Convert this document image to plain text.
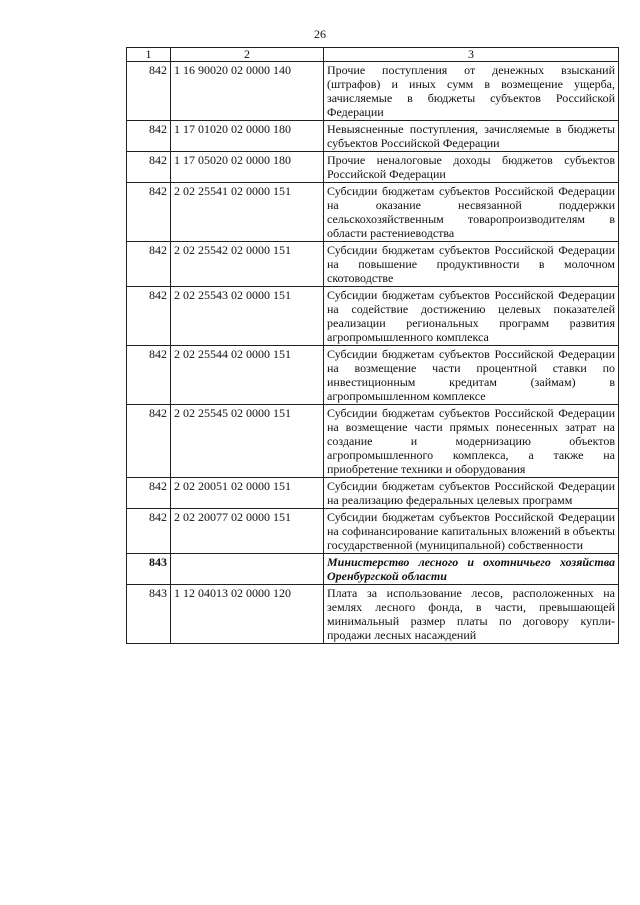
26
1	2	3
842	1 16 90020 02 0000 140	Прочие поступления от денежных взысканий (штрафов) и иных сумм в возмещение ущерба, зачисляемые в бюджеты субъектов Российской Федерации
842	1 17 01020 02 0000 180	Невыясненные поступления, зачисляемые в бюджеты субъектов Российской Федерации
842	1 17 05020 02 0000 180	Прочие неналоговые доходы бюджетов субъектов Российской Федерации
842	2 02 25541 02 0000 151	Субсидии бюджетам субъектов Российской Федерации на оказание несвязанной поддержки сельскохозяйственным товаропроизводителям в области растениеводства
842	2 02 25542 02 0000 151	Субсидии бюджетам субъектов Российской Федерации на повышение продуктивности в молочном скотоводстве
842	2 02 25543 02 0000 151	Субсидии бюджетам субъектов Российской Федерации на содействие достижению целевых показателей реализации региональных программ развития агропромышленного комплекса
842	2 02 25544 02 0000 151	Субсидии бюджетам субъектов Российской Федерации на возмещение части процентной ставки по инвестиционным кредитам (займам) в агропромышленном комплексе
842	2 02 25545 02 0000 151	Субсидии бюджетам субъектов Российской Федерации на возмещение части прямых понесенных затрат на создание и модернизацию объектов агропромышленного комплекса, а также на приобретение техники и оборудования
842	2 02 20051 02 0000 151	Субсидии бюджетам субъектов Российской Федерации на реализацию федеральных целевых программ
842	2 02 20077 02 0000 151	Субсидии бюджетам субъектов Российской Федерации на софинансирование капитальных вложений в объекты государственной (муниципальной) собственности
843		Министерство лесного и охотничьего хозяйства Оренбургской области
843	1 12 04013 02 0000 120	Плата за использование лесов, расположенных на землях лесного фонда, в части, превышающей минимальный размер платы по договору купли-продажи лесных насаждений
